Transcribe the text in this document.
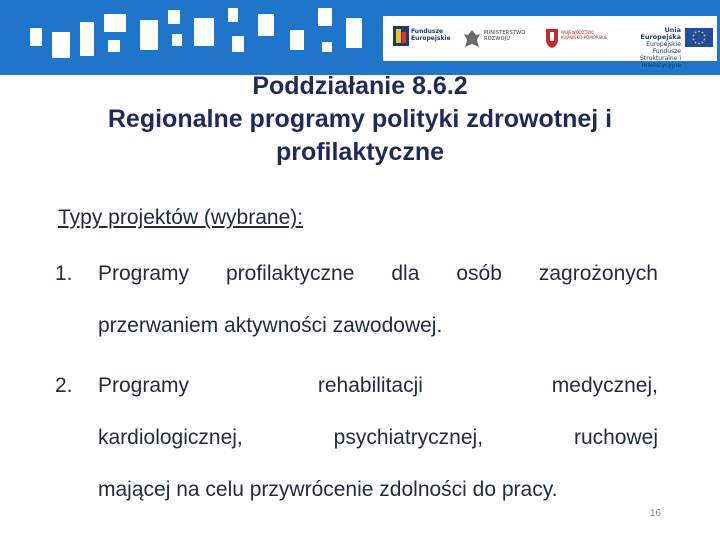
Fundusze
Europejskie
MINISTERSTWO
ROZWOJU
WOJEWÓDZTWO
KUJAWSKO-POMORSKIE
Unia Europejska
Europejskie Fundusze
Strukturalne i Inwestycyjne
Poddziałanie 8.6.2
Regionalne programy polityki zdrowotnej i
profilaktyczne
Typy projektów (wybrane):
1. Programy profilaktyczne dla osób zagrożonych
przerwaniem aktywności zawodowej.
2. Programy	rehabilitacji	medycznej,
kardiologicznej,	psychiatrycznej,	ruchowej
mającej na celu przywrócenie zdolności do pracy.
16
